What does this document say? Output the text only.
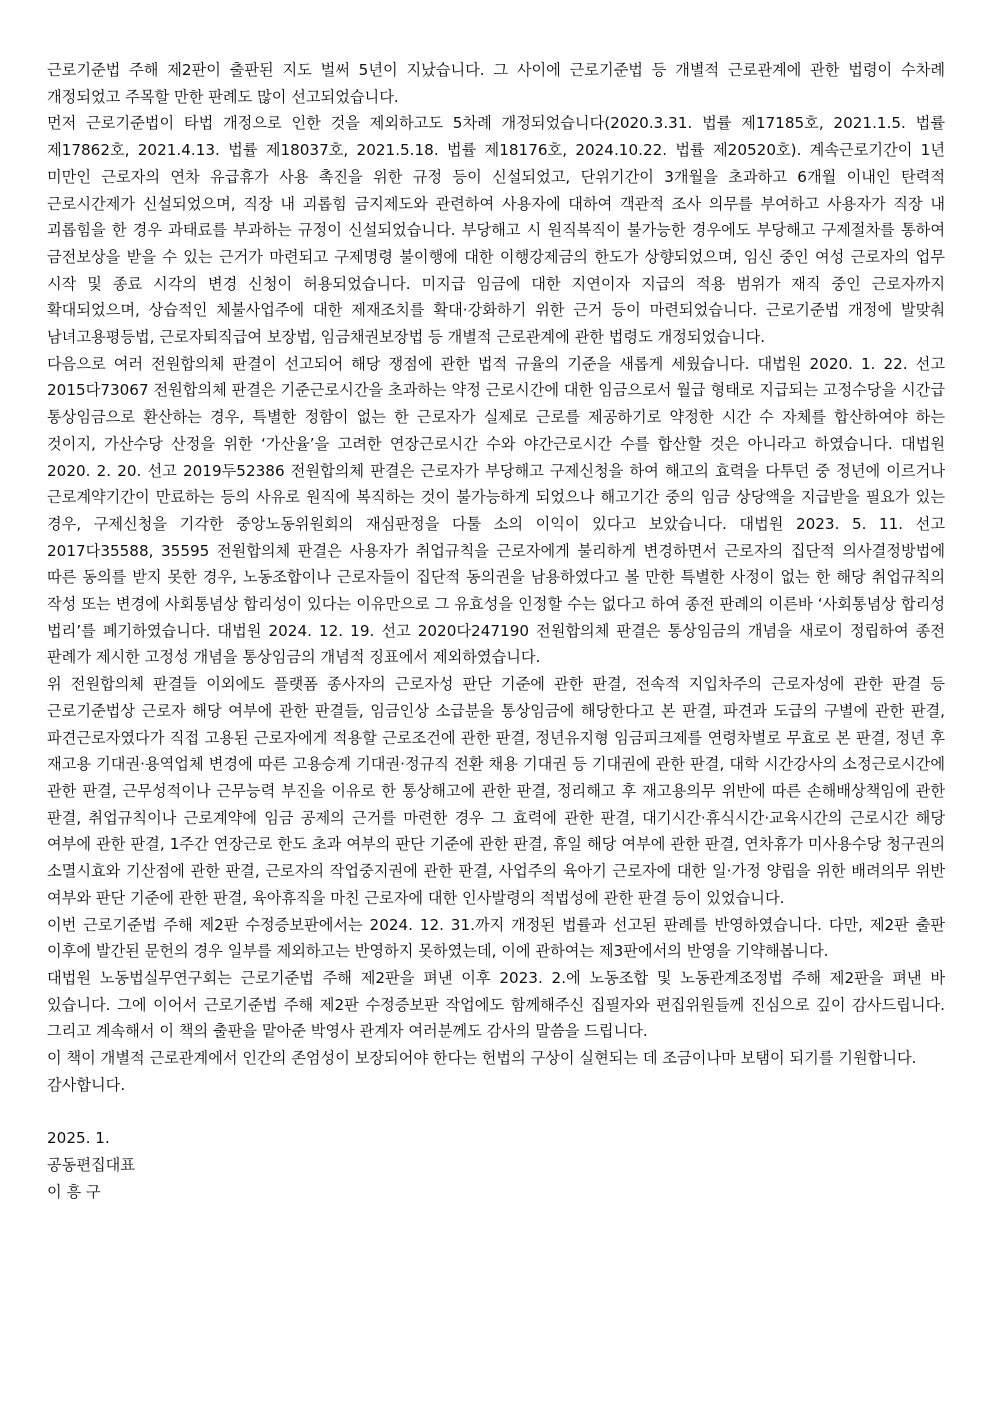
근로기준법 주해 제2판이 출판된 지도 벌써 5년이 지났습니다. 그 사이에 근로기준법 등 개별적 근로관계에 관한 법령이 수차례 개정되었고 주목할 만한 판례도 많이 선고되었습니다.

먼저 근로기준법이 타법 개정으로 인한 것을 제외하고도 5차례 개정되었습니다(2020.3.31. 법률 제17185호, 2021.1.5. 법률 제17862호, 2021.4.13. 법률 제18037호, 2021.5.18. 법률 제18176호, 2024.10.22. 법률 제20520호). 계속근로기간이 1년 미만인 근로자의 연차 유급휴가 사용 촉진을 위한 규정 등이 신설되었고, 단위기간이 3개월을 초과하고 6개월 이내인 탄력적 근로시간제가 신설되었으며, 직장 내 괴롭힘 금지제도와 관련하여 사용자에 대하여 객관적 조사 의무를 부여하고 사용자가 직장 내 괴롭힘을 한 경우 과태료를 부과하는 규정이 신설되었습니다. 부당해고 시 원직복직이 불가능한 경우에도 부당해고 구제절차를 통하여 금전보상을 받을 수 있는 근거가 마련되고 구제명령 불이행에 대한 이행강제금의 한도가 상향되었으며, 임신 중인 여성 근로자의 업무 시작 및 종료 시각의 변경 신청이 허용되었습니다. 미지급 임금에 대한 지연이자 지급의 적용 범위가 재직 중인 근로자까지 확대되었으며, 상습적인 체불사업주에 대한 제재조치를 확대·강화하기 위한 근거 등이 마련되었습니다. 근로기준법 개정에 발맞춰 남녀고용평등법, 근로자퇴직급여 보장법, 임금채권보장법 등 개별적 근로관계에 관한 법령도 개정되었습니다.

다음으로 여러 전원합의체 판결이 선고되어 해당 쟁점에 관한 법적 규율의 기준을 새롭게 세웠습니다. 대법원 2020. 1. 22. 선고 2015다73067 전원합의체 판결은 기준근로시간을 초과하는 약정 근로시간에 대한 임금으로서 월급 형태로 지급되는 고정수당을 시간급 통상임금으로 환산하는 경우, 특별한 정함이 없는 한 근로자가 실제로 근로를 제공하기로 약정한 시간 수 자체를 합산하여야 하는 것이지, 가산수당 산정을 위한 ‘가산율’을 고려한 연장근로시간 수와 야간근로시간 수를 합산할 것은 아니라고 하였습니다. 대법원 2020. 2. 20. 선고 2019두52386 전원합의체 판결은 근로자가 부당해고 구제신청을 하여 해고의 효력을 다투던 중 정년에 이르거나 근로계약기간이 만료하는 등의 사유로 원직에 복직하는 것이 불가능하게 되었으나 해고기간 중의 임금 상당액을 지급받을 필요가 있는 경우, 구제신청을 기각한 중앙노동위원회의 재심판정을 다툴 소의 이익이 있다고 보았습니다. 대법원 2023. 5. 11. 선고 2017다35588, 35595 전원합의체 판결은 사용자가 취업규칙을 근로자에게 불리하게 변경하면서 근로자의 집단적 의사결정방법에 따른 동의를 받지 못한 경우, 노동조합이나 근로자들이 집단적 동의권을 남용하였다고 볼 만한 특별한 사정이 없는 한 해당 취업규칙의 작성 또는 변경에 사회통념상 합리성이 있다는 이유만으로 그 유효성을 인정할 수는 없다고 하여 종전 판례의 이른바 ‘사회통념상 합리성 법리’를 폐기하였습니다. 대법원 2024. 12. 19. 선고 2020다247190 전원합의체 판결은 통상임금의 개념을 새로이 정립하여 종전 판례가 제시한 고정성 개념을 통상임금의 개념적 징표에서 제외하였습니다.

위 전원합의체 판결들 이외에도 플랫폼 종사자의 근로자성 판단 기준에 관한 판결, 전속적 지입차주의 근로자성에 관한 판결 등 근로기준법상 근로자 해당 여부에 관한 판결들, 임금인상 소급분을 통상임금에 해당한다고 본 판결, 파견과 도급의 구별에 관한 판결, 파견근로자였다가 직접 고용된 근로자에게 적용할 근로조건에 관한 판결, 정년유지형 임금피크제를 연령차별로 무효로 본 판결, 정년 후 재고용 기대권·용역업체 변경에 따른 고용승계 기대권·정규직 전환 채용 기대권 등 기대권에 관한 판결, 대학 시간강사의 소정근로시간에 관한 판결, 근무성적이나 근무능력 부진을 이유로 한 통상해고에 관한 판결, 정리해고 후 재고용의무 위반에 따른 손해배상책임에 관한 판결, 취업규칙이나 근로계약에 임금 공제의 근거를 마련한 경우 그 효력에 관한 판결, 대기시간·휴식시간·교육시간의 근로시간 해당 여부에 관한 판결, 1주간 연장근로 한도 초과 여부의 판단 기준에 관한 판결, 휴일 해당 여부에 관한 판결, 연차휴가 미사용수당 청구권의 소멸시효와 기산점에 관한 판결, 근로자의 작업중지권에 관한 판결, 사업주의 육아기 근로자에 대한 일·가정 양립을 위한 배려의무 위반 여부와 판단 기준에 관한 판결, 육아휴직을 마친 근로자에 대한 인사발령의 적법성에 관한 판결 등이 있었습니다.

이번 근로기준법 주해 제2판 수정증보판에서는 2024. 12. 31.까지 개정된 법률과 선고된 판례를 반영하였습니다. 다만, 제2판 출판 이후에 발간된 문헌의 경우 일부를 제외하고는 반영하지 못하였는데, 이에 관하여는 제3판에서의 반영을 기약해봅니다.

대법원 노동법실무연구회는 근로기준법 주해 제2판을 펴낸 이후 2023. 2.에 노동조합 및 노동관계조정법 주해 제2판을 펴낸 바 있습니다. 그에 이어서 근로기준법 주해 제2판 수정증보판 작업에도 함께해주신 집필자와 편집위원들께 진심으로 깊이 감사드립니다. 그리고 계속해서 이 책의 출판을 맡아준 박영사 관계자 여러분께도 감사의 말씀을 드립니다.

이 책이 개별적 근로관계에서 인간의 존엄성이 보장되어야 한다는 헌법의 구상이 실현되는 데 조금이나마 보탬이 되기를 기원합니다.

감사합니다.

2025. 1.

공동편집대표

이 흥 구
